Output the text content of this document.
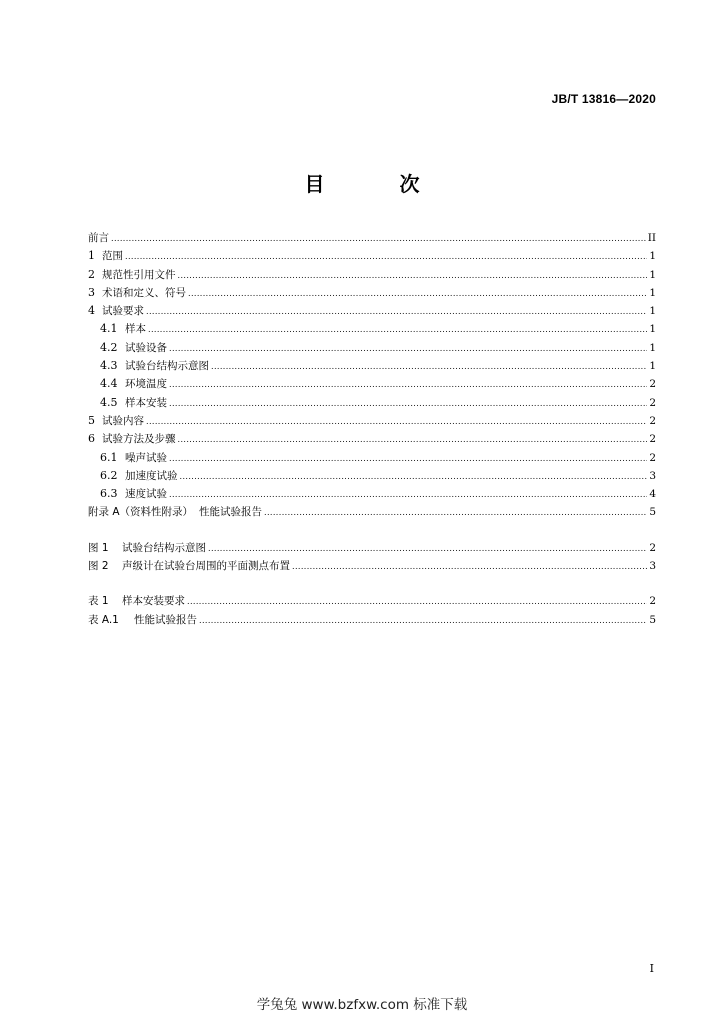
JB/T 13816—2020
目 次
前言 .....	II
1 范围 .....	1
2 规范性引用文件 .....	1
3 术语和定义、符号 .....	1
4 试验要求 .....	1
4.1 样本 .....	1
4.2 试验设备 .....	1
4.3 试验台结构示意图 .....	1
4.4 环境温度 .....	2
4.5 样本安装 .....	2
5 试验内容 .....	2
6 试验方法及步骤 .....	2
6.1 噪声试验 .....	2
6.2 加速度试验 .....	3
6.3 速度试验 .....	4
附录 A（资料性附录） 性能试验报告 .....	5
图 1	试验台结构示意图 .....	2
图 2	声级计在试验台周围的平面测点布置 .....	3
表 1	样本安装要求 .....	2
表 A.1	性能试验报告 .....	5
I
学兔兔 www.bzfxw.com 标准下载
